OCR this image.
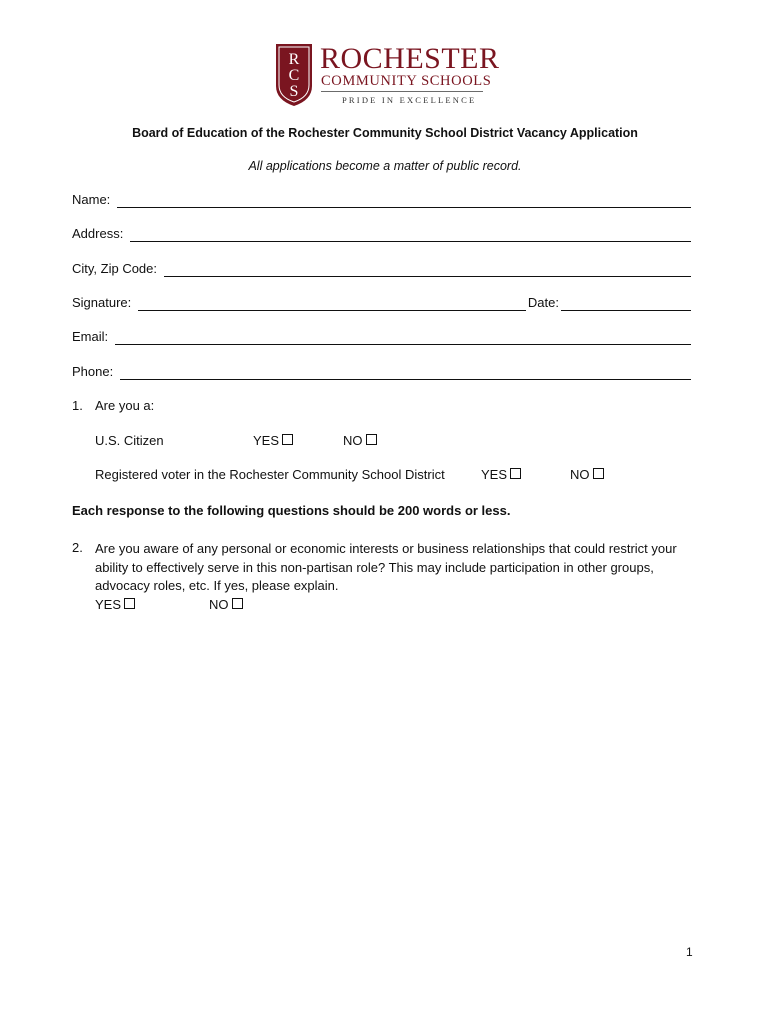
R
C
S
ROCHESTER
COMMUNITY SCHOOLS
PRIDE IN EXCELLENCE
Board of Education of the Rochester Community School District Vacancy Application
All applications become a matter of public record.
Name:
Address:
City, Zip Code:
Signature:	Date:
Email:
Phone:
1. Are you a:
U.S. Citizen	YES	NO
Registered voter in the Rochester Community School District	YES	NO
Each response to the following questions should be 200 words or less.
2. Are you aware of any personal or economic interests or business relationships that could restrict your ability to effectively serve in this non-partisan role? This may include participation in other groups, advocacy roles, etc. If yes, please explain.
YES	NO
1
